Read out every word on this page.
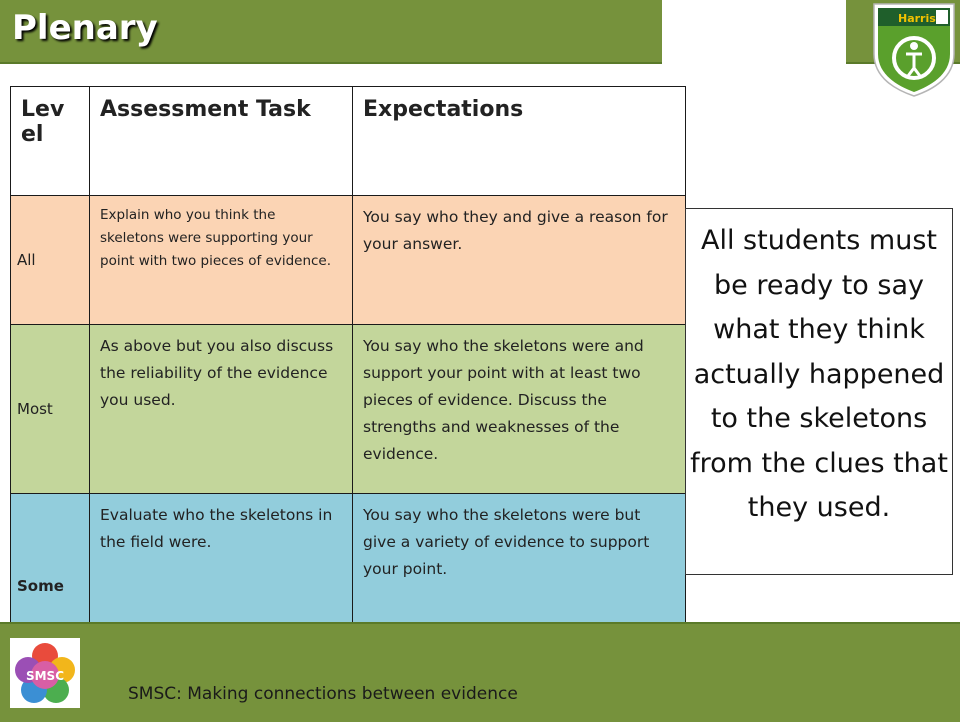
Plenary	Harris
Lev el	Assessment Task	Expectations
All	Explain who you think the skeletons were supporting your point with two pieces of evidence.	You say who they and give a reason for your answer.
Most	As above but you also discuss the reliability of the evidence you used.	You say who the skeletons were and support your point with at least two pieces of evidence. Discuss the strengths and weaknesses of the evidence.
Some	Evaluate who the skeletons in the field were.	You say who the skeletons were but give a variety of evidence to support your point.
All students must be ready to say what they think actually happened to the skeletons from the clues that they used.
SMSC
SMSC: Making connections between evidence
